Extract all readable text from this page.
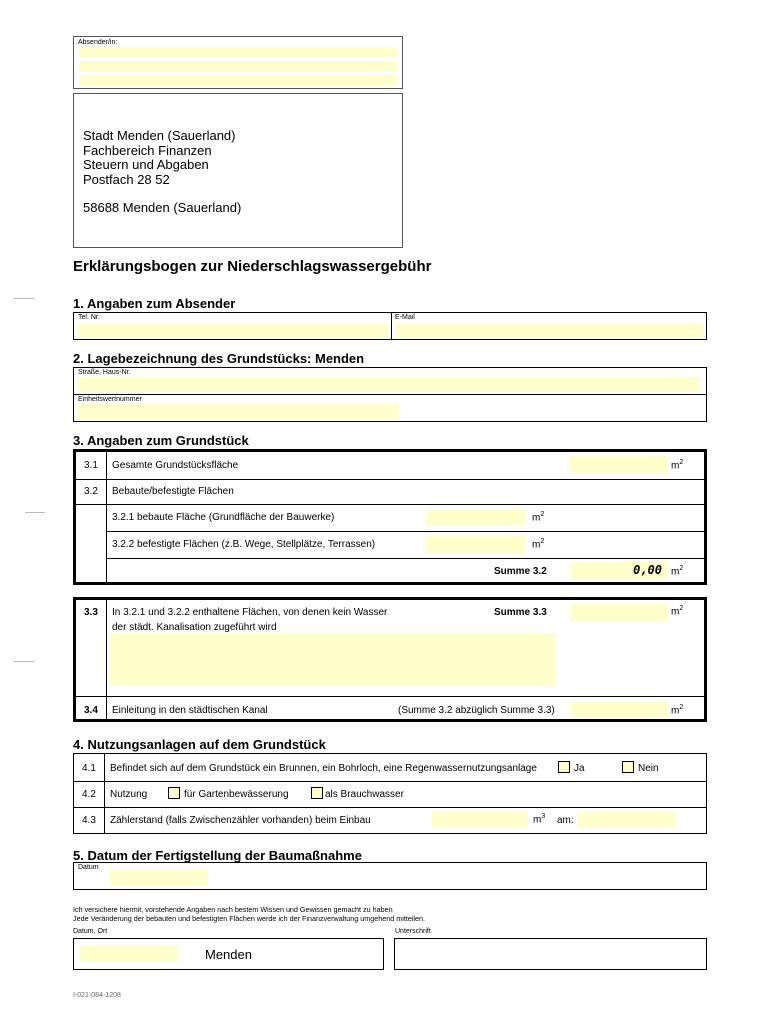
Absender/in:
Stadt Menden (Sauerland)
Fachbereich Finanzen
Steuern und Abgaben
Postfach 28 52
58688 Menden (Sauerland)
Erklärungsbogen zur Niederschlagswassergebühr
1. Angaben zum Absender
Tel. Nr.	E-Mail
2. Lagebezeichnung des Grundstücks: Menden
Straße, Haus-Nr.
Einheitswertnummer
3. Angaben zum Grundstück
3.1 Gesamte Grundstücksfläche	$m^2$
3.2 Bebaute/befestigte Flächen
3.2.1 bebaute Fläche (Grundfläche der Bauwerke)	$m^2$
3.2.2 befestigte Flächen (z.B. Wege, Stellplätze, Terrassen)	$m^2$
Summe 3.2	0,00 $m^2$
3.3 In 3.2.1 und 3.2.2 enthaltene Flächen, von denen kein Wasser
der städt. Kanalisation zugeführt wird
Summe 3.3	$m^2$
3.4 Einleitung in den städtischen Kanal	(Summe 3.2 abzüglich Summe 3.3)	$m^2$
4. Nutzungsanlagen auf dem Grundstück
4.1 Befindet sich auf dem Grundstück ein Brunnen, ein Bohrloch, eine Regenwassernutzungsanlage	Ja	Nein
4.2 Nutzung	für Gartenbewässerung	als Brauchwasser
4.3 Zählerstand (falls Zwischenzähler vorhanden) beim Einbau	$m^3$ am:
5. Datum der Fertigstellung der Baumaßnahme
Datum
Ich versichere hiermit, vorstehende Angaben nach bestem Wissen und Gewissen gemacht zu haben
Jede Veränderung der bebauten und befestigten Flächen werde ich der Finanzverwaltung umgehend mitteilen.
Datum, Ort
Menden
Unterschrift
I-021-084-1208
